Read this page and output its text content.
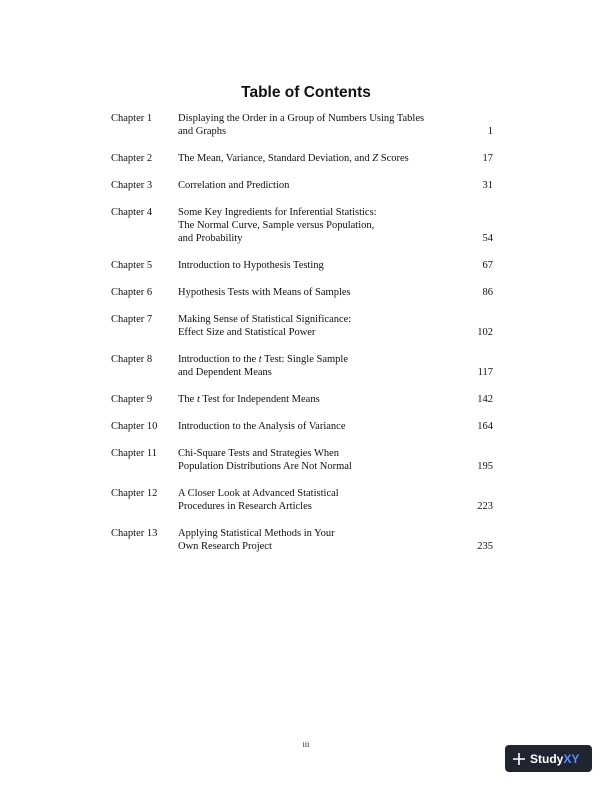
Table of Contents
Chapter 1 Displaying the Order in a Group of Numbers Using Tables
and Graphs	1
Chapter 2 The Mean, Variance, Standard Deviation, and Z Scores	17
Chapter 3 Correlation and Prediction	31
Chapter 4 Some Key Ingredients for Inferential Statistics:
The Normal Curve, Sample versus Population,
and Probability	54
Chapter 5 Introduction to Hypothesis Testing	67
Chapter 6 Hypothesis Tests with Means of Samples	86
Chapter 7 Making Sense of Statistical Significance:
Effect Size and Statistical Power	102
Chapter 8 Introduction to the t Test: Single Sample
and Dependent Means	117
Chapter 9 The t Test for Independent Means	142
Chapter 10 Introduction to the Analysis of Variance	164
Chapter 11 Chi-Square Tests and Strategies When
Population Distributions Are Not Normal	195
Chapter 12 A Closer Look at Advanced Statistical
Procedures in Research Articles	223
Chapter 13 Applying Statistical Methods in Your
Own Research Project	235
iii
Study XY
